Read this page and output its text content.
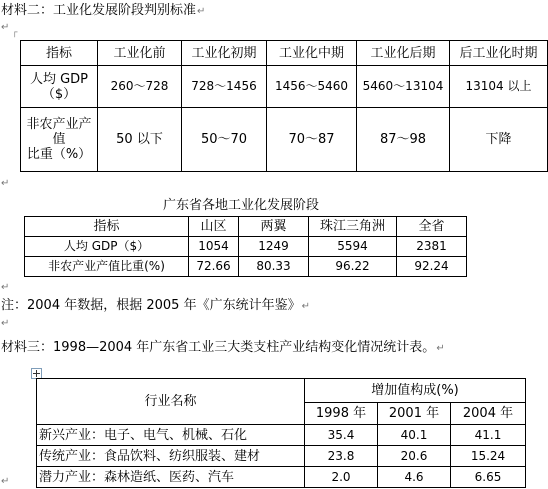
材料二：工业化发展阶段判别标准↵
↵ ┌
指标	工业化前	工业化初期	工业化中期	工业化后期	后工业化时期

人均 GDP
（$）	260～728	728～1456	1456～5460	5460～13104	13104 以上

非农产业产值
比重（%）	50 以下	50～70	70～87	87～98	下降
↵
广东省各地工业化发展阶段
指标	山区	两翼	珠江三角洲	全省
人均 GDP（$）	1054	1249	5594	2381
非农产业产值比重(%)	72.66	80.33	96.22	92.24
↵
注：2004 年数据，根据 2005 年《广东统计年鉴》↵
↵
材料三：1998—2004 年广东省工业三大类支柱产业结构变化情况统计表。↵
行业名称	增加值构成(%)		
	1998 年	2001 年	2004 年
新兴产业：电子、电气、机械、石化	35.4	40.1	41.1
传统产业：食品饮料、纺织服装、建材	23.8	20.6	15.24
潜力产业：森林造纸、医药、汽车	2.0	4.6	6.65
↵
